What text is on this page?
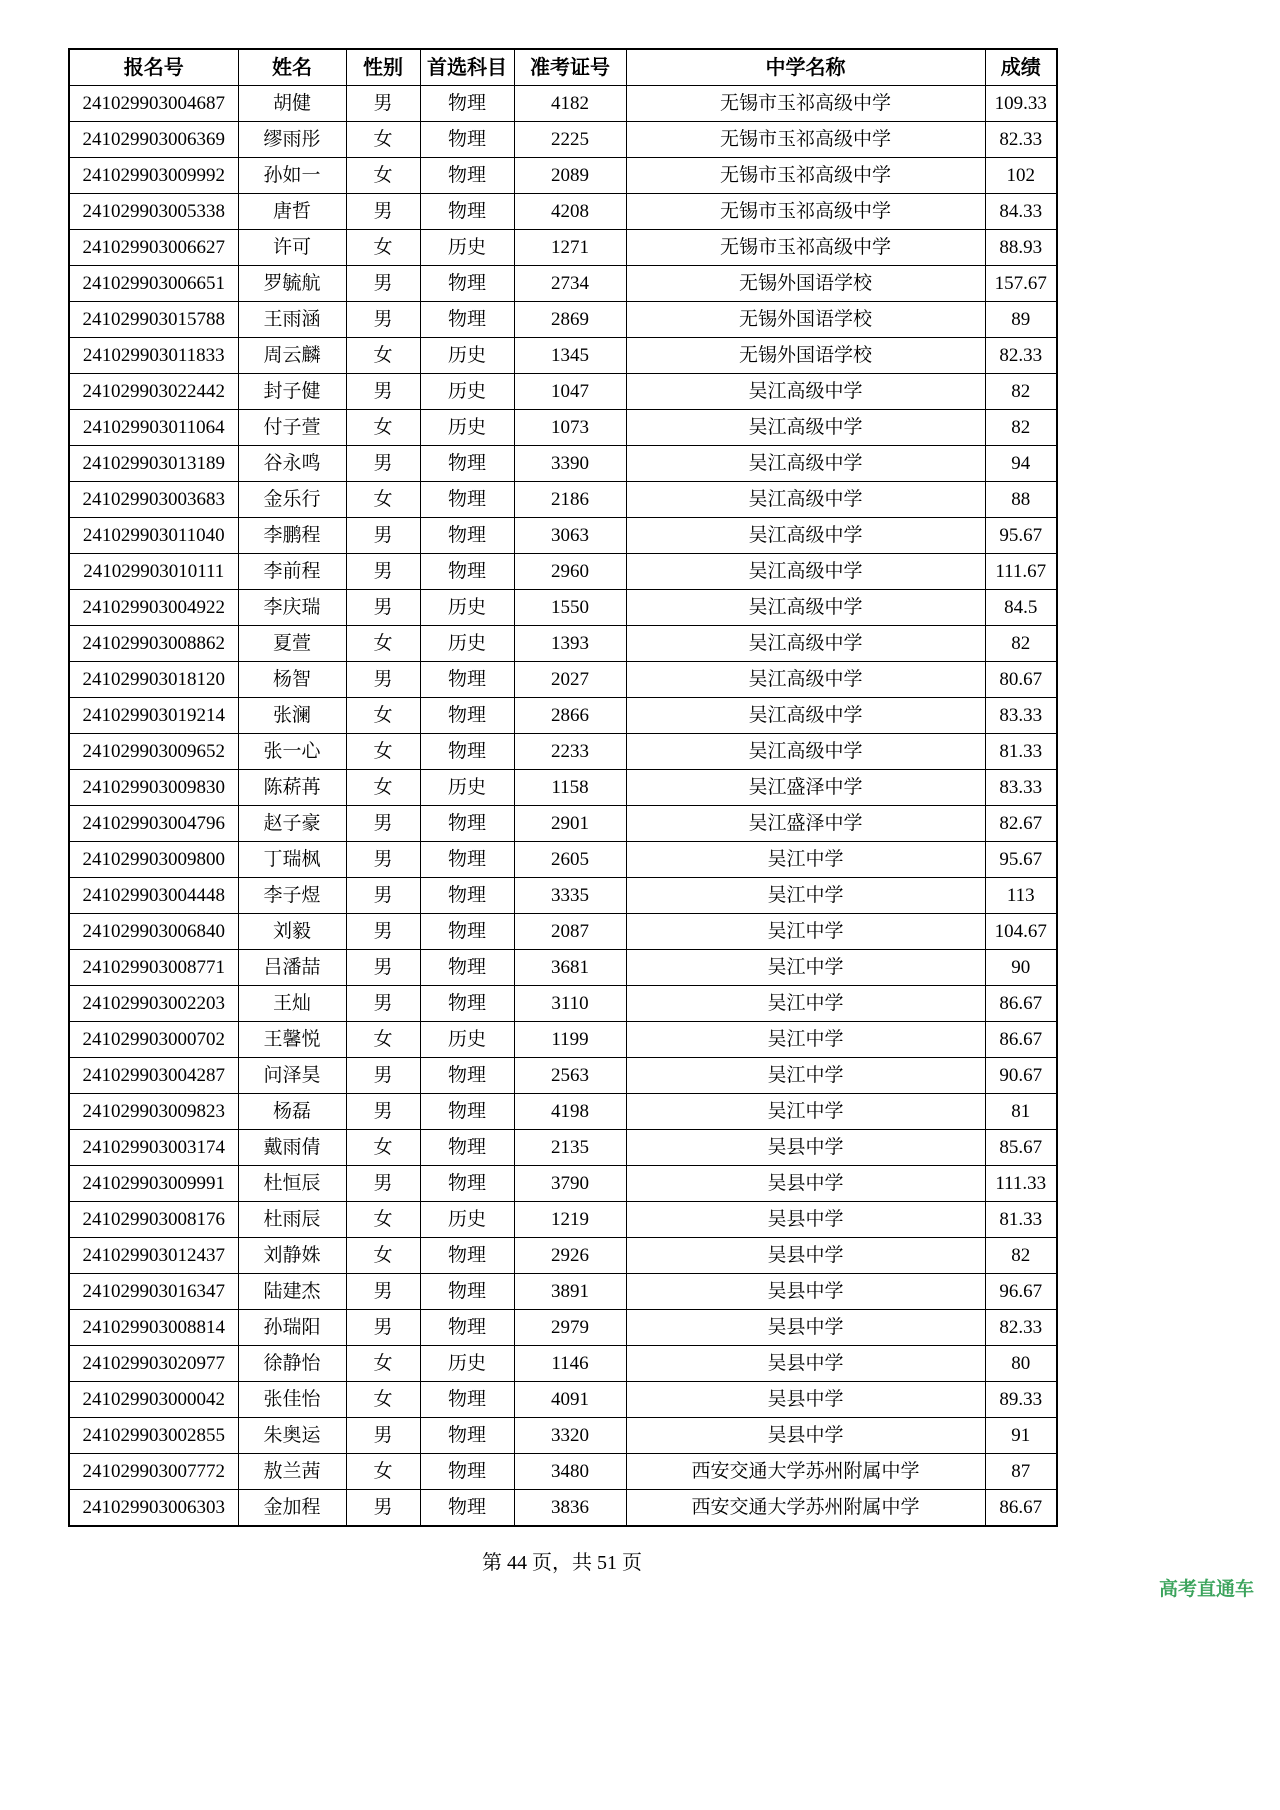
报名号	姓名	性别	首选科目	准考证号	中学名称	成绩
241029903004687	胡健	男	物理	4182	无锡市玉祁高级中学	109.33
241029903006369	缪雨彤	女	物理	2225	无锡市玉祁高级中学	82.33
241029903009992	孙如一	女	物理	2089	无锡市玉祁高级中学	102
241029903005338	唐哲	男	物理	4208	无锡市玉祁高级中学	84.33
241029903006627	许可	女	历史	1271	无锡市玉祁高级中学	88.93
241029903006651	罗毓航	男	物理	2734	无锡外国语学校	157.67
241029903015788	王雨涵	男	物理	2869	无锡外国语学校	89
241029903011833	周云麟	女	历史	1345	无锡外国语学校	82.33
241029903022442	封子健	男	历史	1047	吴江高级中学	82
241029903011064	付子萱	女	历史	1073	吴江高级中学	82
241029903013189	谷永鸣	男	物理	3390	吴江高级中学	94
241029903003683	金乐行	女	物理	2186	吴江高级中学	88
241029903011040	李鹏程	男	物理	3063	吴江高级中学	95.67
241029903010111	李前程	男	物理	2960	吴江高级中学	111.67
241029903004922	李庆瑞	男	历史	1550	吴江高级中学	84.5
241029903008862	夏萱	女	历史	1393	吴江高级中学	82
241029903018120	杨智	男	物理	2027	吴江高级中学	80.67
241029903019214	张澜	女	物理	2866	吴江高级中学	83.33
241029903009652	张一心	女	物理	2233	吴江高级中学	81.33
241029903009830	陈菥苒	女	历史	1158	吴江盛泽中学	83.33
241029903004796	赵子豪	男	物理	2901	吴江盛泽中学	82.67
241029903009800	丁瑞枫	男	物理	2605	吴江中学	95.67
241029903004448	李子煜	男	物理	3335	吴江中学	113
241029903006840	刘毅	男	物理	2087	吴江中学	104.67
241029903008771	吕潘喆	男	物理	3681	吴江中学	90
241029903002203	王灿	男	物理	3110	吴江中学	86.67
241029903000702	王馨悦	女	历史	1199	吴江中学	86.67
241029903004287	问泽昊	男	物理	2563	吴江中学	90.67
241029903009823	杨磊	男	物理	4198	吴江中学	81
241029903003174	戴雨倩	女	物理	2135	吴县中学	85.67
241029903009991	杜恒辰	男	物理	3790	吴县中学	111.33
241029903008176	杜雨辰	女	历史	1219	吴县中学	81.33
241029903012437	刘静姝	女	物理	2926	吴县中学	82
241029903016347	陆建杰	男	物理	3891	吴县中学	96.67
241029903008814	孙瑞阳	男	物理	2979	吴县中学	82.33
241029903020977	徐静怡	女	历史	1146	吴县中学	80
241029903000042	张佳怡	女	物理	4091	吴县中学	89.33
241029903002855	朱奥运	男	物理	3320	吴县中学	91
241029903007772	敖兰茜	女	物理	3480	西安交通大学苏州附属中学	87
241029903006303	金加程	男	物理	3836	西安交通大学苏州附属中学	86.67
第 44 页，共 51 页
高考直通车
